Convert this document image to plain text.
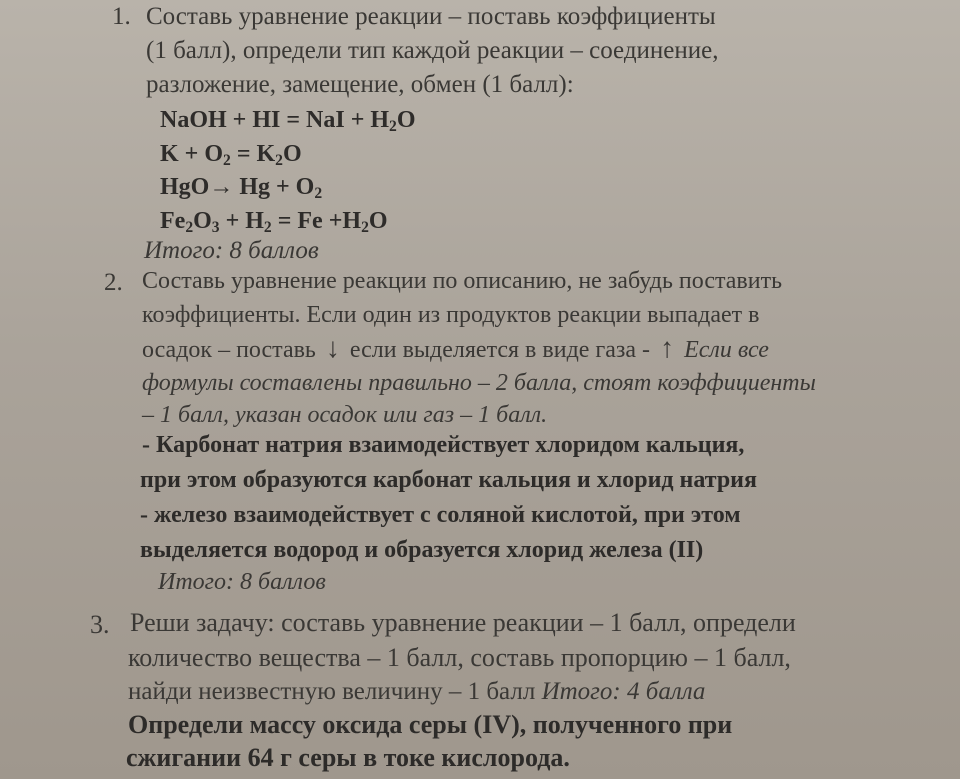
1. Составь уравнение реакции – поставь коэффициенты
(1 балл), определи тип каждой реакции – соединение,
разложение, замещение, обмен (1 балл):
NaOH + HI = NaI + $H_2O$
$K + O_2 = K_2O$
$HgO\to Hg + O_2$
$Fe_2O_3 + H_2 = Fe +H_2O$
Итого: 8 баллов
2. Составь уравнение реакции по описанию, не забудь поставить
коэффициенты. Если один из продуктов реакции выпадает в
осадок – поставь ↓ если выделяется в виде газа - ↑ Если все
формулы составлены правильно – 2 балла, стоят коэффициенты
– 1 балл, указан осадок или газ – 1 балл.
- Карбонат натрия взаимодействует хлоридом кальция,
при этом образуются карбонат кальция и хлорид натрия
- железо взаимодействует с соляной кислотой, при этом
выделяется водород и образуется хлорид железа (II)
Итого: 8 баллов
3. Реши задачу: составь уравнение реакции – 1 балл, определи
количество вещества – 1 балл, составь пропорцию – 1 балл,
найди неизвестную величину – 1 балл Итого: 4 балла
Определи массу оксида серы (IV), полученного при
сжигании 64 г серы в токе кислорода.
